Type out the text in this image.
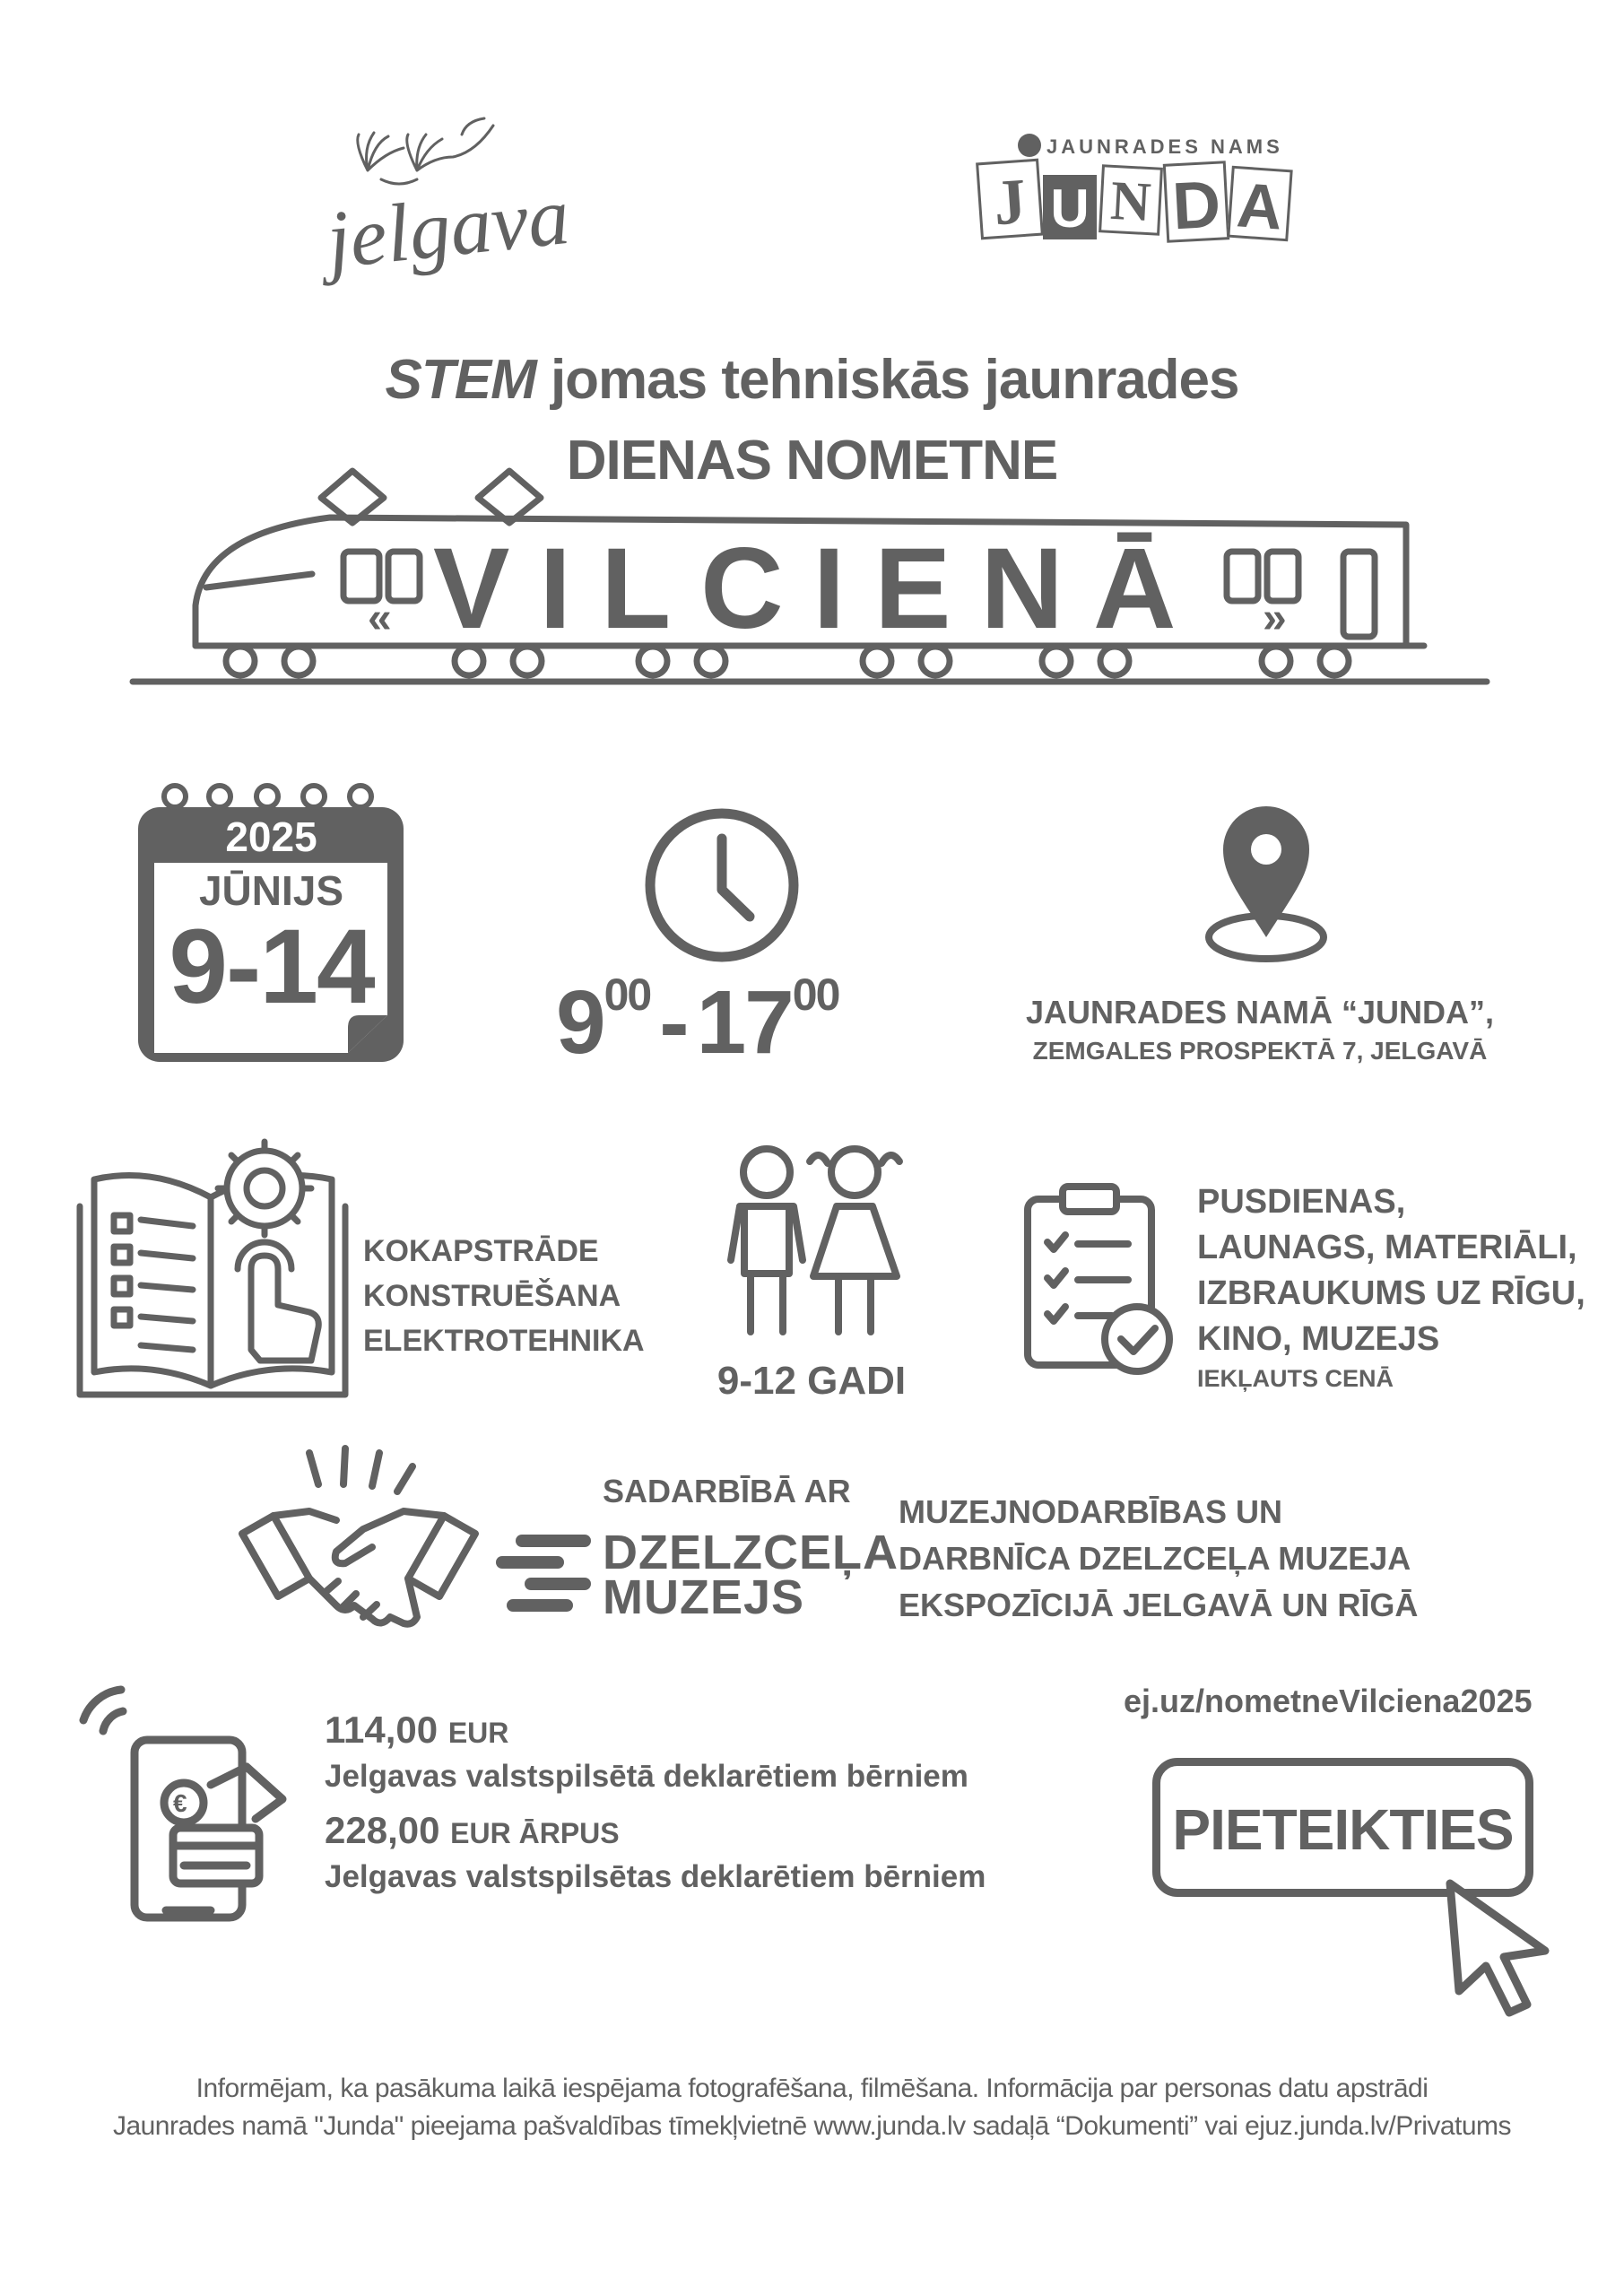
jelgava
JAUNRADES NAMS
J U N D A
STEM jomas tehniskās jaunrades
DIENAS NOMETNE
«	»
VILCIENĀ
2025
JŪNIJS
9-14	$9^{00} - 17^{00}$	JAUNRADES NAMĀ “JUNDA”,
ZEMGALES PROSPEKTĀ 7, JELGAVĀ
KOKAPSTRĀDE
KONSTRUĒŠANA
ELEKTROTEHNIKA
9-12 GADI
PUSDIENAS,
LAUNAGS, MATERIĀLI,
IZBRAUKUMS UZ RĪGU,
KINO, MUZEJS
IEKĻAUTS CENĀ
SADARBĪBĀ AR
DZELZCEĻA
MUZEJS
MUZEJNODARBĪBAS UN
DARBNĪCA DZELZCEĻA MUZEJA
EKSPOZĪCIJĀ JELGAVĀ UN RĪGĀ
€
114,00 EUR
Jelgavas valstspilsētā deklarētiem bērniem
228,00 EUR ĀRPUS
Jelgavas valstspilsētas deklarētiem bērniem
ej.uz/nometneVilciena2025
PIETEIKTIES
Informējam, ka pasākuma laikā iespējama fotografēšana, filmēšana. Informācija par personas datu apstrādi
Jaunrades namā "Junda" pieejama pašvaldības tīmekļvietnē www.junda.lv sadaļā “Dokumenti” vai ejuz.junda.lv/Privatums
